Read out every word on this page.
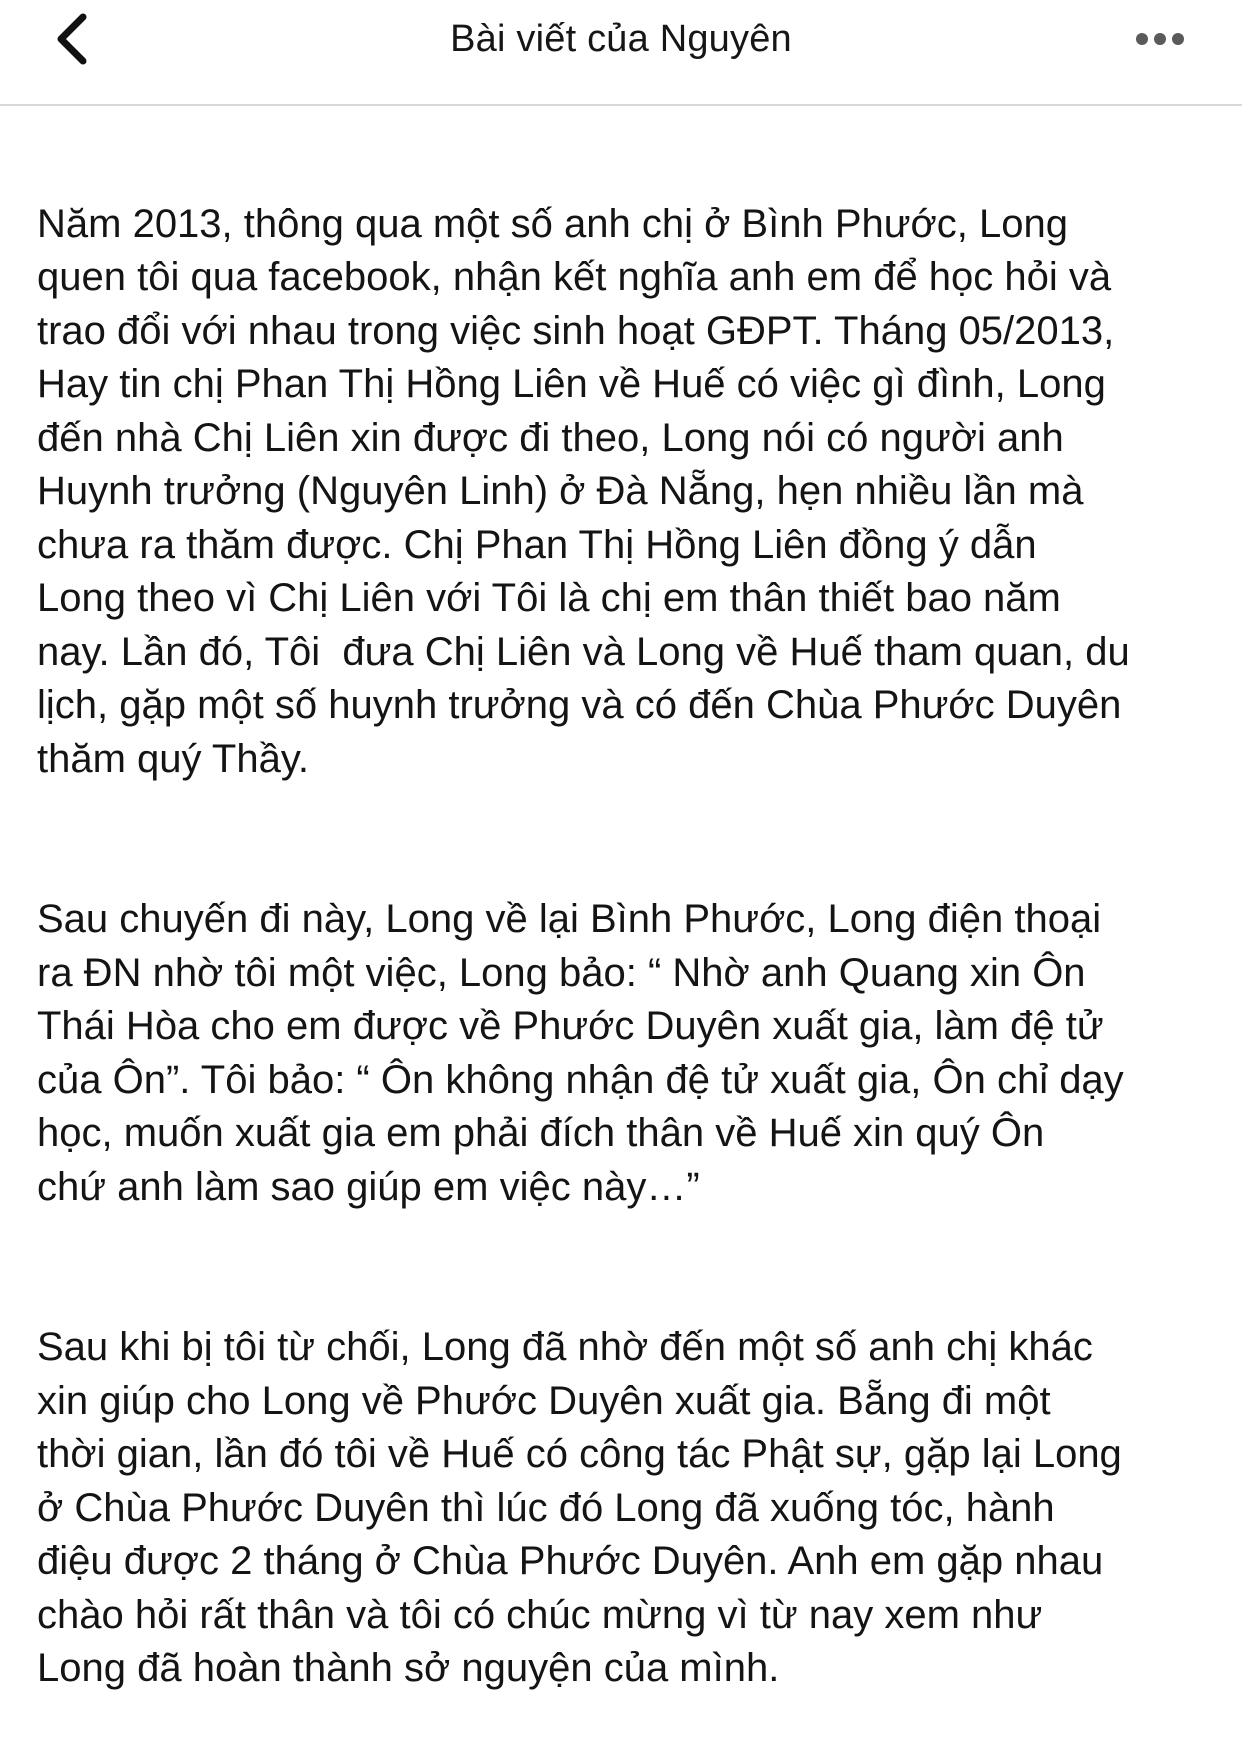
Bài viết của Nguyên

Năm 2013, thông qua một số anh chị ở Bình Phước, Long
quen tôi qua facebook, nhận kết nghĩa anh em để học hỏi và
trao đổi với nhau trong việc sinh hoạt GĐPT. Tháng 05/2013,
Hay tin chị Phan Thị Hồng Liên về Huế có việc gì đình, Long
đến nhà Chị Liên xin được đi theo, Long nói có người anh
Huynh trưởng (Nguyên Linh) ở Đà Nẵng, hẹn nhiều lần mà
chưa ra thăm được. Chị Phan Thị Hồng Liên đồng ý dẫn
Long theo vì Chị Liên với Tôi là chị em thân thiết bao năm
nay. Lần đó, Tôi  đưa Chị Liên và Long về Huế tham quan, du
lịch, gặp một số huynh trưởng và có đến Chùa Phước Duyên
thăm quý Thầy.

Sau chuyến đi này, Long về lại Bình Phước, Long điện thoại
ra ĐN nhờ tôi một việc, Long bảo: “ Nhờ anh Quang xin Ôn
Thái Hòa cho em được về Phước Duyên xuất gia, làm đệ tử
của Ôn”. Tôi bảo: “ Ôn không nhận đệ tử xuất gia, Ôn chỉ dạy
học, muốn xuất gia em phải đích thân về Huế xin quý Ôn
chứ anh làm sao giúp em việc này…”

Sau khi bị tôi từ chối, Long đã nhờ đến một số anh chị khác
xin giúp cho Long về Phước Duyên xuất gia. Bẵng đi một
thời gian, lần đó tôi về Huế có công tác Phật sự, gặp lại Long
ở Chùa Phước Duyên thì lúc đó Long đã xuống tóc, hành
điệu được 2 tháng ở Chùa Phước Duyên. Anh em gặp nhau
chào hỏi rất thân và tôi có chúc mừng vì từ nay xem như
Long đã hoàn thành sở nguyện của mình.
